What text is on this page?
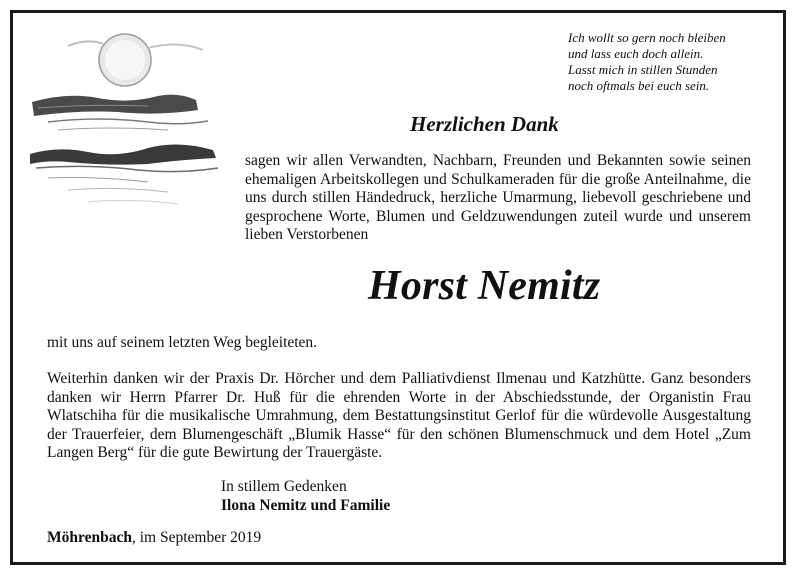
Ich wollt so gern noch bleiben
und lass euch doch allein.
Lasst mich in stillen Stunden
noch oftmals bei euch sein.
Herzlichen Dank
sagen wir allen Verwandten, Nachbarn, Freunden und Bekannten sowie seinen ehemaligen Arbeitskollegen und Schulkameraden für die große Anteilnahme, die uns durch stillen Händedruck, herzliche Umarmung, liebevoll geschriebene und gesprochene Worte, Blumen und Geldzuwendungen zuteil wurde und unserem lieben Verstorbenen
Horst Nemitz
mit uns auf seinem letzten Weg begleiteten.
Weiterhin danken wir der Praxis Dr. Hörcher und dem Palliativdienst Ilmenau und Katzhütte. Ganz besonders danken wir Herrn Pfarrer Dr. Huß für die ehrenden Worte in der Abschiedsstunde, der Organistin Frau Wlatschiha für die musikalische Umrahmung, dem Bestattungsinstitut Gerlof für die würdevolle Ausgestaltung der Trauerfeier, dem Blumengeschäft „Blumik Hasse“ für den schönen Blumenschmuck und dem Hotel „Zum Langen Berg“ für die gute Bewirtung der Trauergäste.
In stillem Gedenken
Ilona Nemitz und Familie
Möhrenbach, im September 2019
